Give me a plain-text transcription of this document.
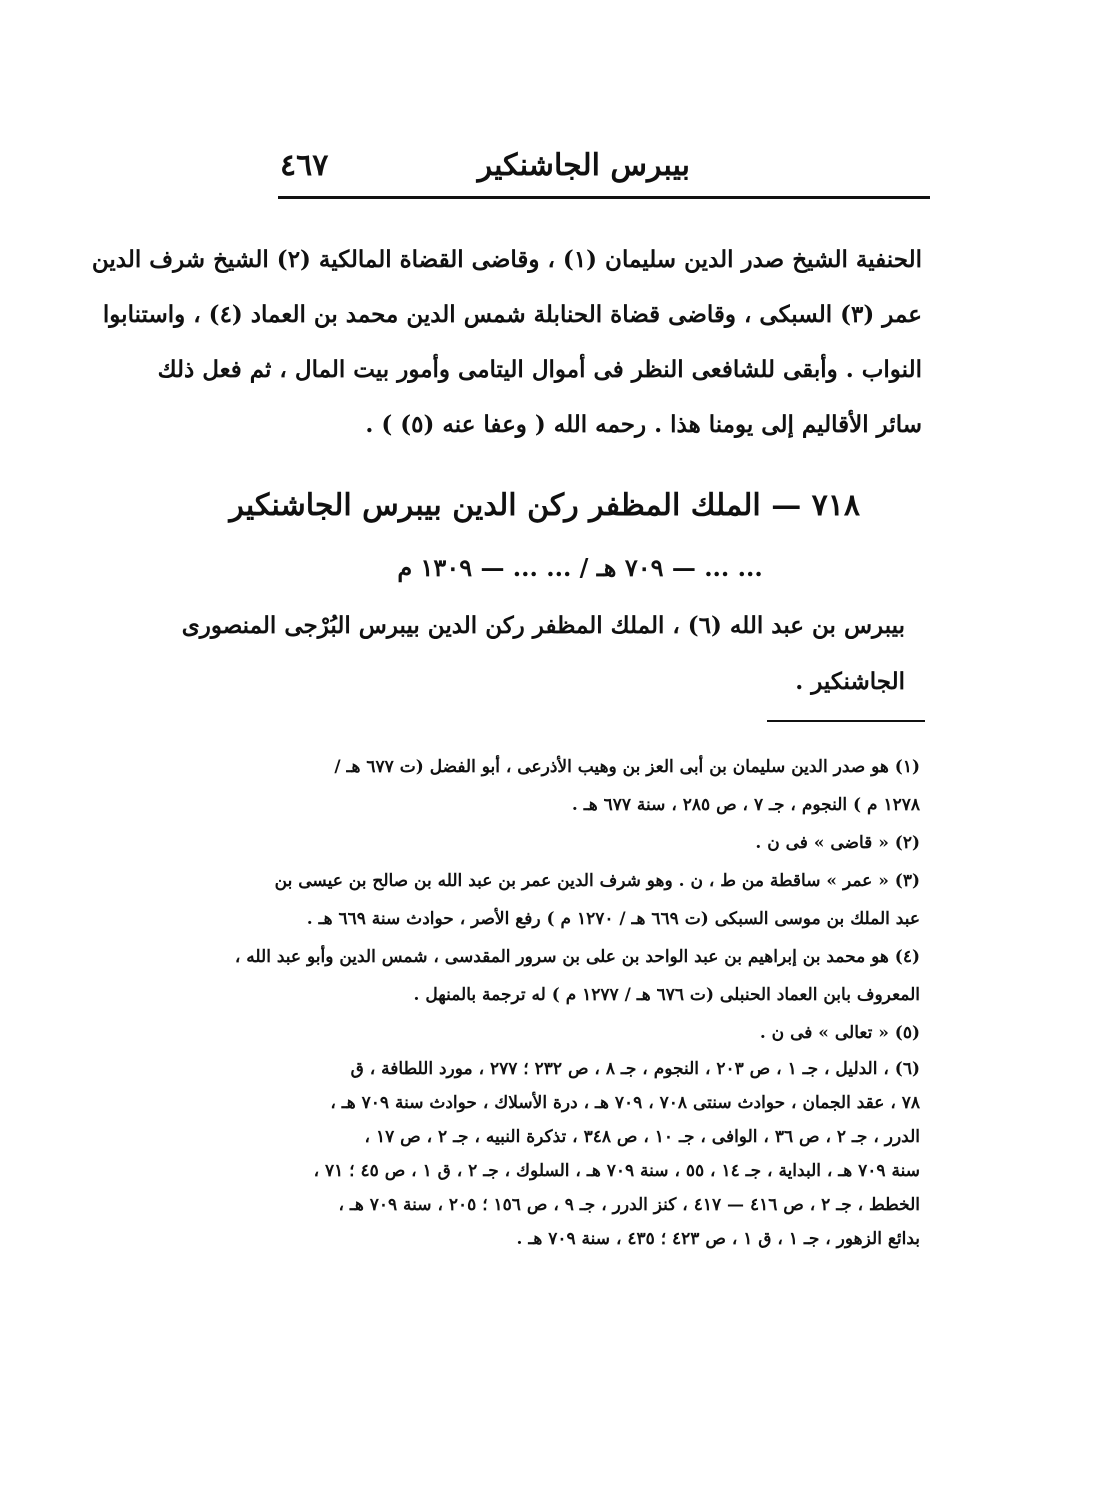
بيبرس الجاشنكير
٤٦٧
الحنفية الشيخ صدر الدين سليمان (١) ، وقاضى القضاة المالكية (٢) الشيخ شرف الدين
عمر (٣) السبكى ، وقاضى قضاة الحنابلة شمس الدين محمد بن العماد (٤) ، واستنابوا
النواب . وأبقى للشافعى النظر فى أموال اليتامى وأمور بيت المال ، ثم فعل ذلك
سائر الأقاليم إلى يومنا هذا . رحمه الله ( وعفا عنه (٥) ) .
٧١٨ — الملك المظفر ركن الدين بيبرس الجاشنكير
... ... — ٧٠٩ هـ / ... ... — ١٣٠٩ م
بيبرس بن عبد الله (٦) ، الملك المظفر ركن الدين بيبرس البُرْجى المنصورى
الجاشنكير .
(١) هو صدر الدين سليمان بن أبى العز بن وهيب الأذرعى ، أبو الفضل (ت ٦٧٧ هـ /
١٢٧٨ م ) النجوم ، جـ ٧ ، ص ٢٨٥ ، سنة ٦٧٧ هـ .
(٢) « قاضى » فى ن .
(٣) « عمر » ساقطة من ط ، ن . وهو شرف الدين عمر بن عبد الله بن صالح بن عيسى بن
عبد الملك بن موسى السبكى (ت ٦٦٩ هـ / ١٢٧٠ م ) رفع الأصر ، حوادث سنة ٦٦٩ هـ .
(٤) هو محمد بن إبراهيم بن عبد الواحد بن على بن سرور المقدسى ، شمس الدين وأبو عبد الله ،
المعروف بابن العماد الحنبلى (ت ٦٧٦ هـ / ١٢٧٧ م ) له ترجمة بالمنهل .
(٥) « تعالى » فى ن .
(٦) ، الدليل ، جـ ١ ، ص ٢٠٣ ، النجوم ، جـ ٨ ، ص ٢٣٢ ؛ ٢٧٧ ، مورد اللطافة ، ق
٧٨ ، عقد الجمان ، حوادث سنتى ٧٠٨ ، ٧٠٩ هـ ، درة الأسلاك ، حوادث سنة ٧٠٩ هـ ،
الدرر ، جـ ٢ ، ص ٣٦ ، الوافى ، جـ ١٠ ، ص ٣٤٨ ، تذكرة النبيه ، جـ ٢ ، ص ١٧ ،
سنة ٧٠٩ هـ ، البداية ، جـ ١٤ ، ٥٥ ، سنة ٧٠٩ هـ ، السلوك ، جـ ٢ ، ق ١ ، ص ٤٥ ؛ ٧١ ،
الخطط ، جـ ٢ ، ص ٤١٦ — ٤١٧ ، كنز الدرر ، جـ ٩ ، ص ١٥٦ ؛ ٢٠٥ ، سنة ٧٠٩ هـ ،
بدائع الزهور ، جـ ١ ، ق ١ ، ص ٤٢٣ ؛ ٤٣٥ ، سنة ٧٠٩ هـ .
